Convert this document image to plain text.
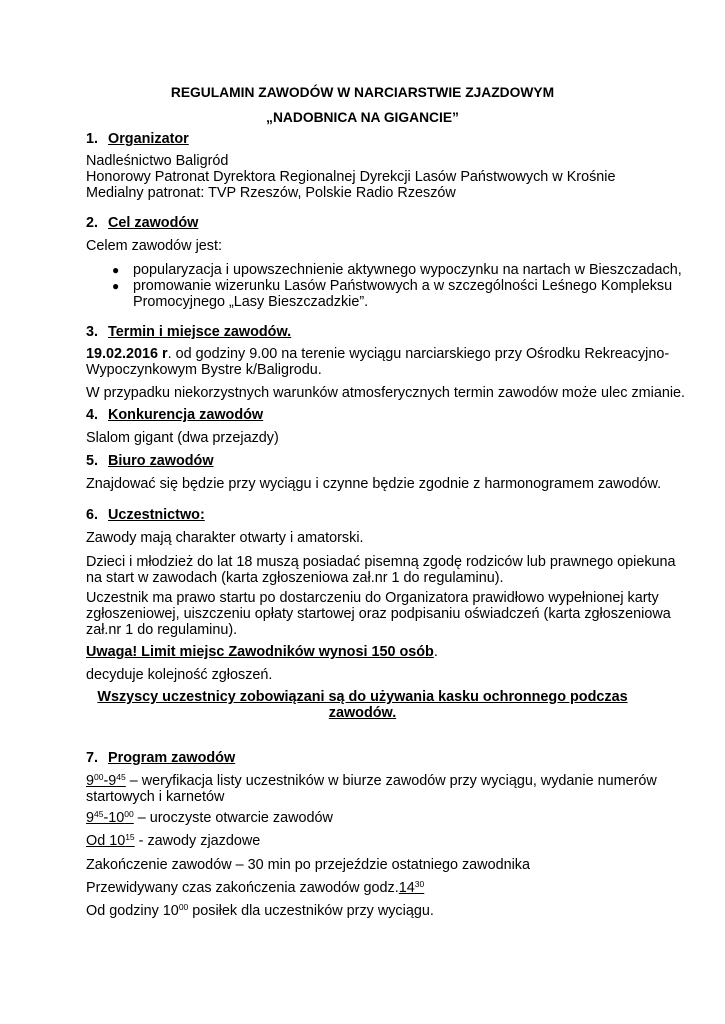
REGULAMIN ZAWODÓW W NARCIARSTWIE ZJAZDOWYM
„NADOBNICA NA GIGANCIE”
1. Organizator
Nadleśnictwo Baligród
Honorowy Patronat Dyrektora Regionalnej Dyrekcji Lasów Państwowych w Krośnie
Medialny patronat: TVP Rzeszów, Polskie Radio Rzeszów
2. Cel zawodów
Celem zawodów jest:
● popularyzacja i upowszechnienie aktywnego wypoczynku na nartach w Bieszczadach,
● promowanie wizerunku Lasów Państwowych a w szczególności Leśnego Kompleksu
Promocyjnego „Lasy Bieszczadzkie”.
3. Termin i miejsce zawodów.
19.02.2016 r. od godziny 9.00 na terenie wyciągu narciarskiego przy Ośrodku Rekreacyjno-
Wypoczynkowym Bystre k/Baligrodu.
W przypadku niekorzystnych warunków atmosferycznych termin zawodów może ulec zmianie.
4. Konkurencja zawodów
Slalom gigant (dwa przejazdy)
5. Biuro zawodów
Znajdować się będzie przy wyciągu i czynne będzie zgodnie z harmonogramem zawodów.
6. Uczestnictwo:
Zawody mają charakter otwarty i amatorski.
Dzieci i młodzież do lat 18 muszą posiadać pisemną zgodę rodziców lub prawnego opiekuna
na start w zawodach (karta zgłoszeniowa zał.nr 1 do regulaminu).
Uczestnik ma prawo startu po dostarczeniu do Organizatora prawidłowo wypełnionej karty
zgłoszeniowej, uiszczeniu opłaty startowej oraz podpisaniu oświadczeń (karta zgłoszeniowa
zał.nr 1 do regulaminu).
Uwaga! Limit miejsc Zawodników wynosi 150 osób.
decyduje kolejność zgłoszeń.
Wszyscy uczestnicy zobowiązani są do używania kasku ochronnego podczas
zawodów.
7. Program zawodów
$9^{00}-9^{45}$ – weryfikacja listy uczestników w biurze zawodów przy wyciągu, wydanie numerów
startowych i karnetów
$9^{45}-10^{00}$ – uroczyste otwarcie zawodów
Od $10^{15}$ - zawody zjazdowe
Zakończenie zawodów – 30 min po przejeździe ostatniego zawodnika
Przewidywany czas zakończenia zawodów $godz.14^{30}$
Od godziny $10^{00}$ posiłek dla uczestników przy wyciągu.
